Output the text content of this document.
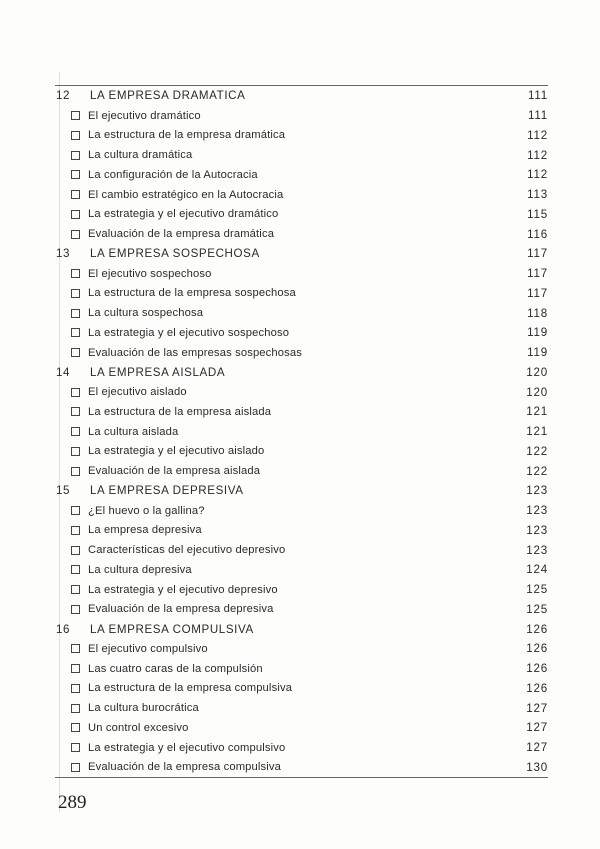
12	LA EMPRESA DRAMATICA	111
El ejecutivo dramático	111
La estructura de la empresa dramática	112
La cultura dramática	112
La configuración de la Autocracia	112
El cambio estratégico en la Autocracia	113
La estrategia y el ejecutivo dramático	115
Evaluación de la empresa dramática	116
13	LA EMPRESA SOSPECHOSA	117
El ejecutivo sospechoso	117
La estructura de la empresa sospechosa	117
La cultura sospechosa	118
La estrategia y el ejecutivo sospechoso	119
Evaluación de las empresas sospechosas	119
14	LA EMPRESA AISLADA	120
El ejecutivo aislado	120
La estructura de la empresa aislada	121
La cultura aislada	121
La estrategia y el ejecutivo aislado	122
Evaluación de la empresa aislada	122
15	LA EMPRESA DEPRESIVA	123
¿El huevo o la gallina?	123
La empresa depresiva	123
Características del ejecutivo depresivo	123
La cultura depresiva	124
La estrategia y el ejecutivo depresivo	125
Evaluación de la empresa depresiva	125
16	LA EMPRESA COMPULSIVA	126
El ejecutivo compulsivo	126
Las cuatro caras de la compulsión	126
La estructura de la empresa compulsiva	126
La cultura burocrática	127
Un control excesivo	127
La estrategia y el ejecutivo compulsivo	127
Evaluación de la empresa compulsiva	130
289
